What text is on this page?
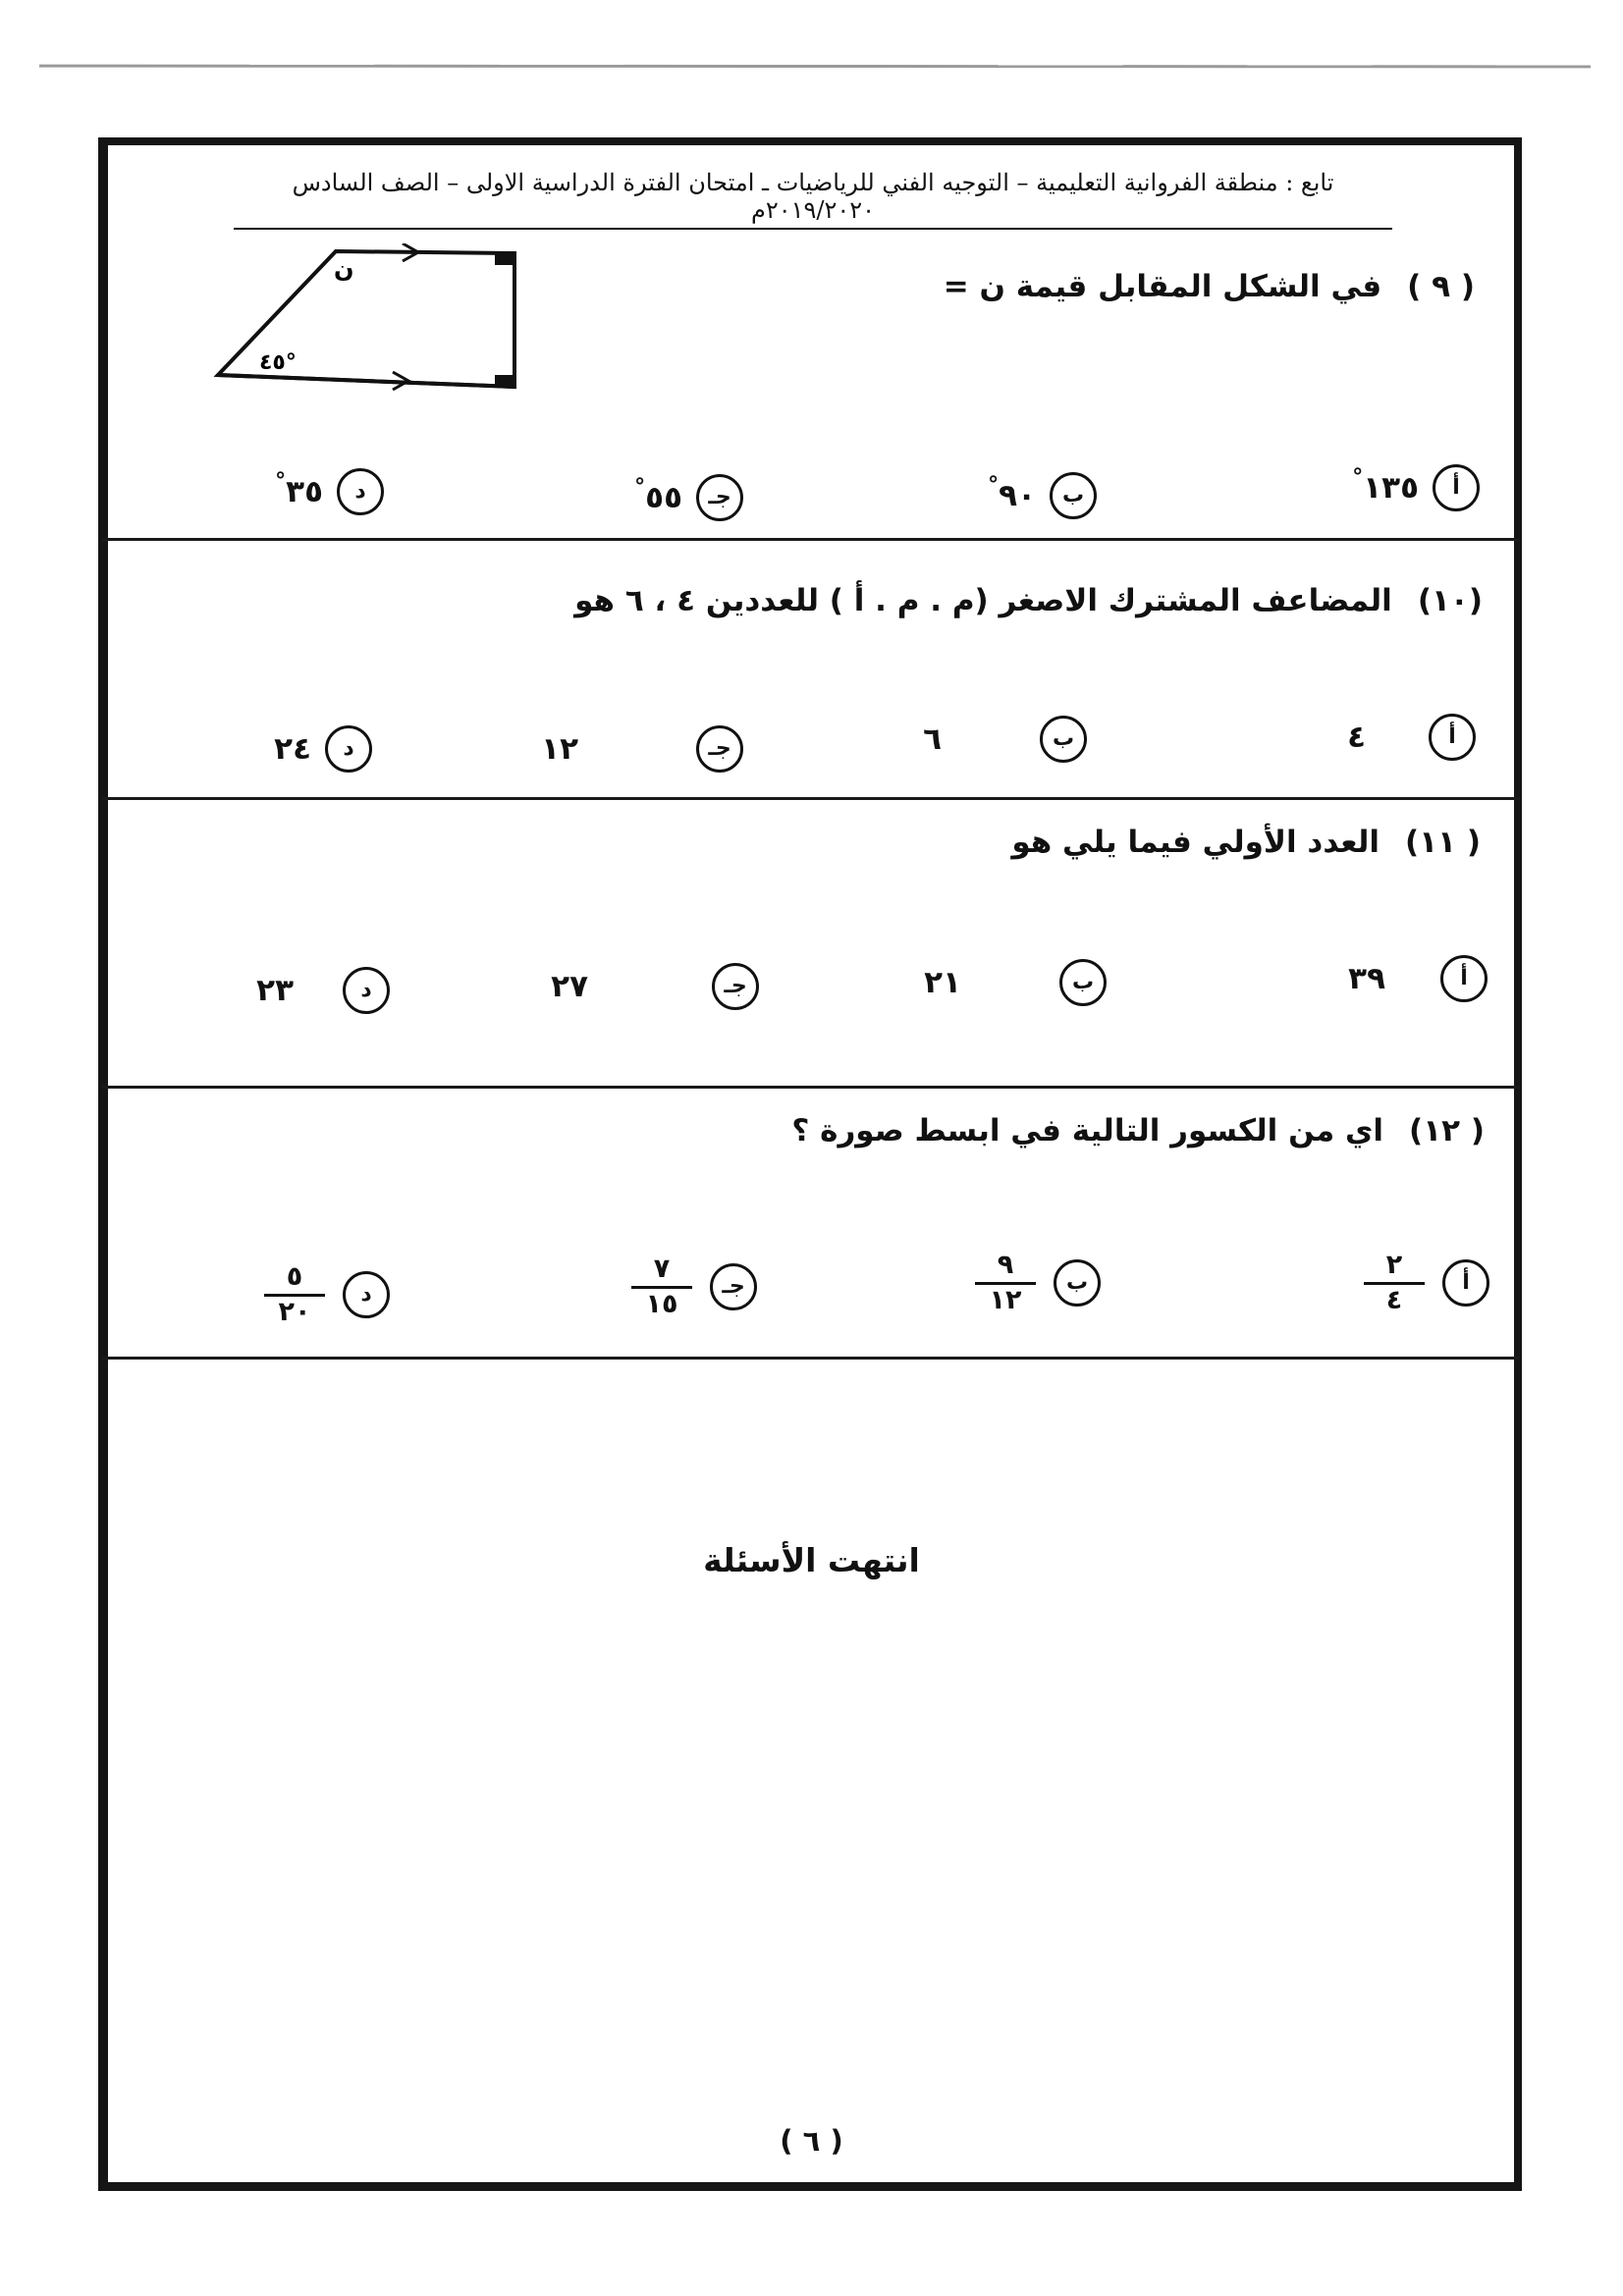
تابع : منطقة الفروانية التعليمية – التوجيه الفني للرياضيات ـ امتحان الفترة الدراسية الاولى – الصف السادس ٢٠١٩/٢٠٢٠م
( ٩ )في الشكل المقابل قيمة ن =
ن
٤٥°
أ
١٣٥°
ب
٩٠°
جـ
٥٥°
د
٣٥°
(١٠)المضاعف المشترك الاصغر (م . م . أ ) للعددين ٤ ، ٦ هو
أ
٤
ب
٦
جـ
١٢
د
٢٤
( ١١)العدد الأولي فيما يلي هو
أ
٣٩
ب
٢١
جـ
٢٧
د
٢٣
( ١٢)اي من الكسور التالية في ابسط صورة ؟
أ
$\frac{٢}{٤}$
ب
$\frac{٩}{١٢}$
جـ
$\frac{٧}{١٥}$
د
$\frac{٥}{٢٠}$
انتهت الأسئلة
( ٦ )
